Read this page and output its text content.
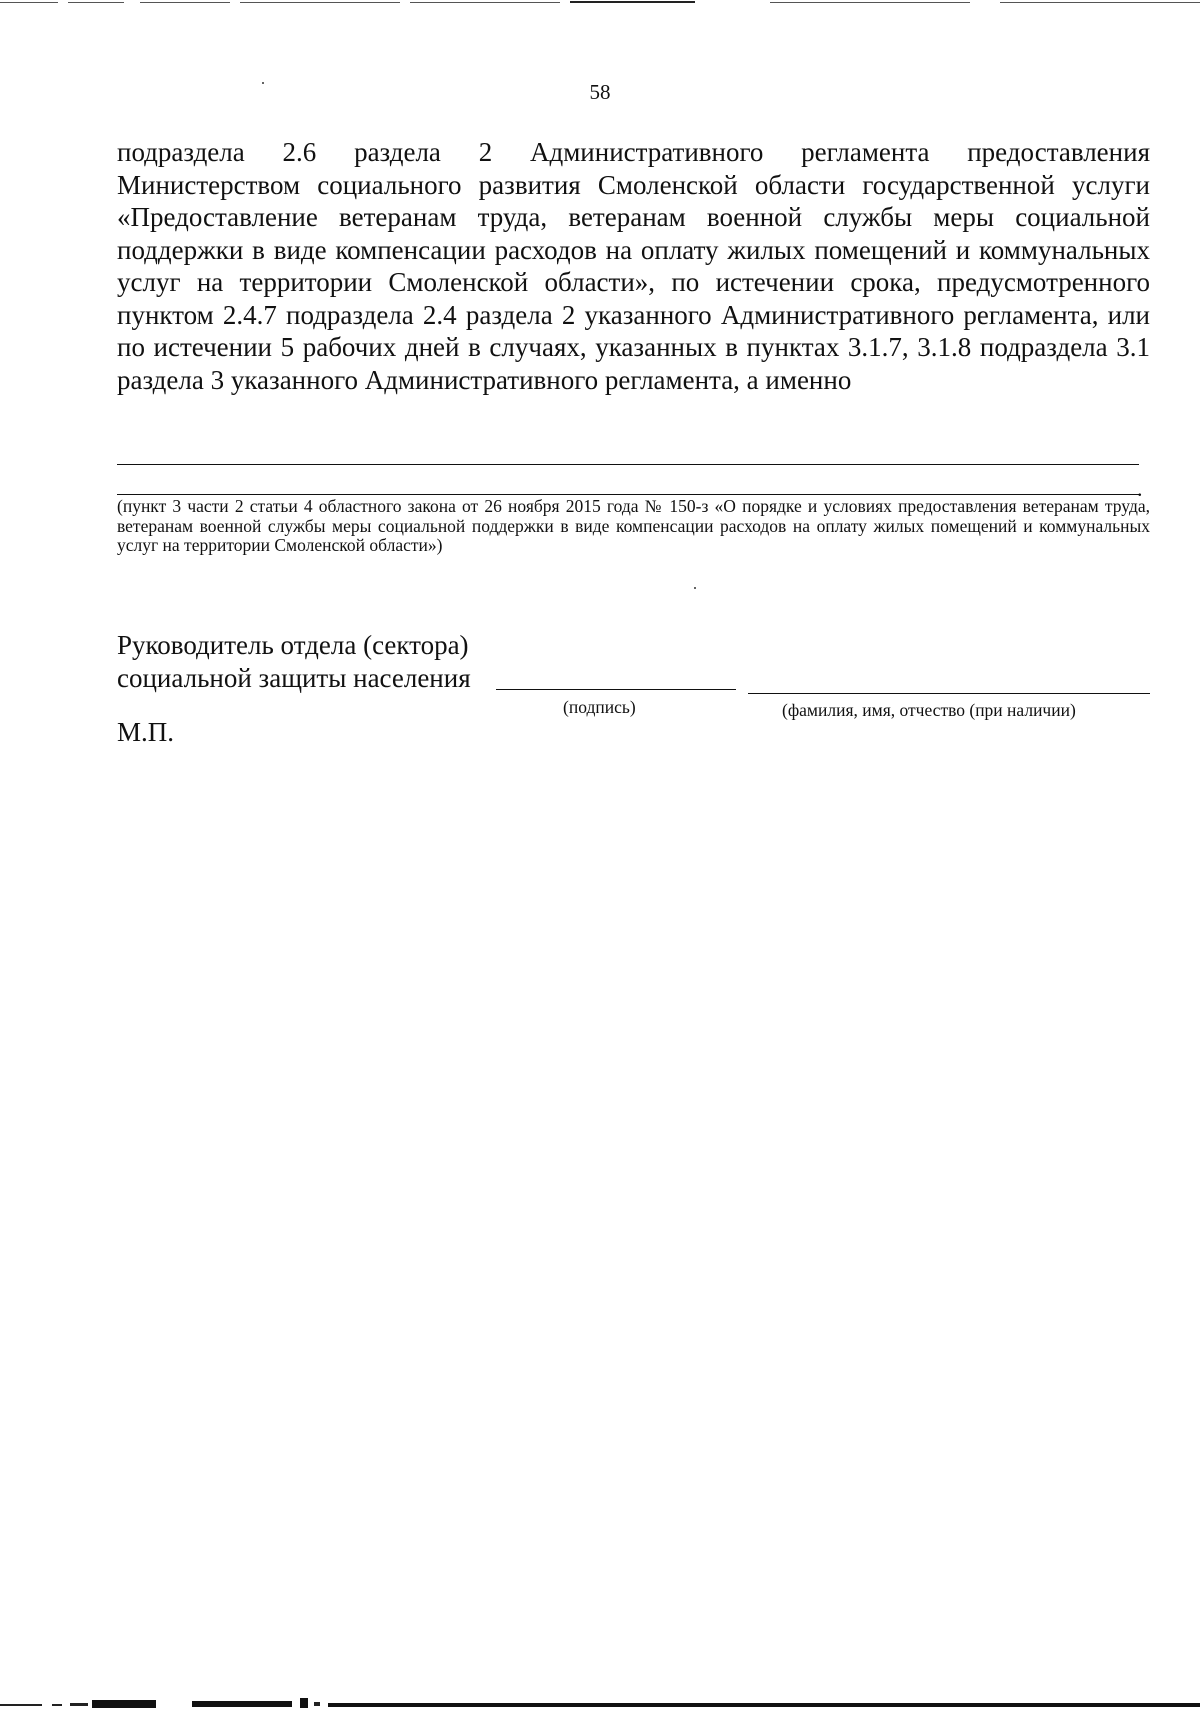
58

подраздела 2.6 раздела 2 Административного регламента предоставления Министерством социального развития Смоленской области государственной услуги «Предоставление ветеранам труда, ветеранам военной службы меры социальной поддержки в виде компенсации расходов на оплату жилых помещений и коммунальных услуг на территории Смоленской области», по истечении срока, предусмотренного пунктом 2.4.7 подраздела 2.4 раздела 2 указанного Административного регламента, или по истечении 5 рабочих дней в случаях, указанных в пунктах 3.1.7, 3.1.8 подраздела 3.1 раздела 3 указанного Административного регламента, а именно

.

(пункт 3 части 2 статьи 4 областного закона от 26 ноября 2015 года № 150-з «О порядке и условиях предоставления ветеранам труда, ветеранам военной службы меры социальной поддержки в виде компенсации расходов на оплату жилых помещений и коммунальных услуг на территории Смоленской области»)

Руководитель отдела (сектора)
социальной защиты населения
(подпись)	(фамилия, имя, отчество (при наличии)
М.П.
